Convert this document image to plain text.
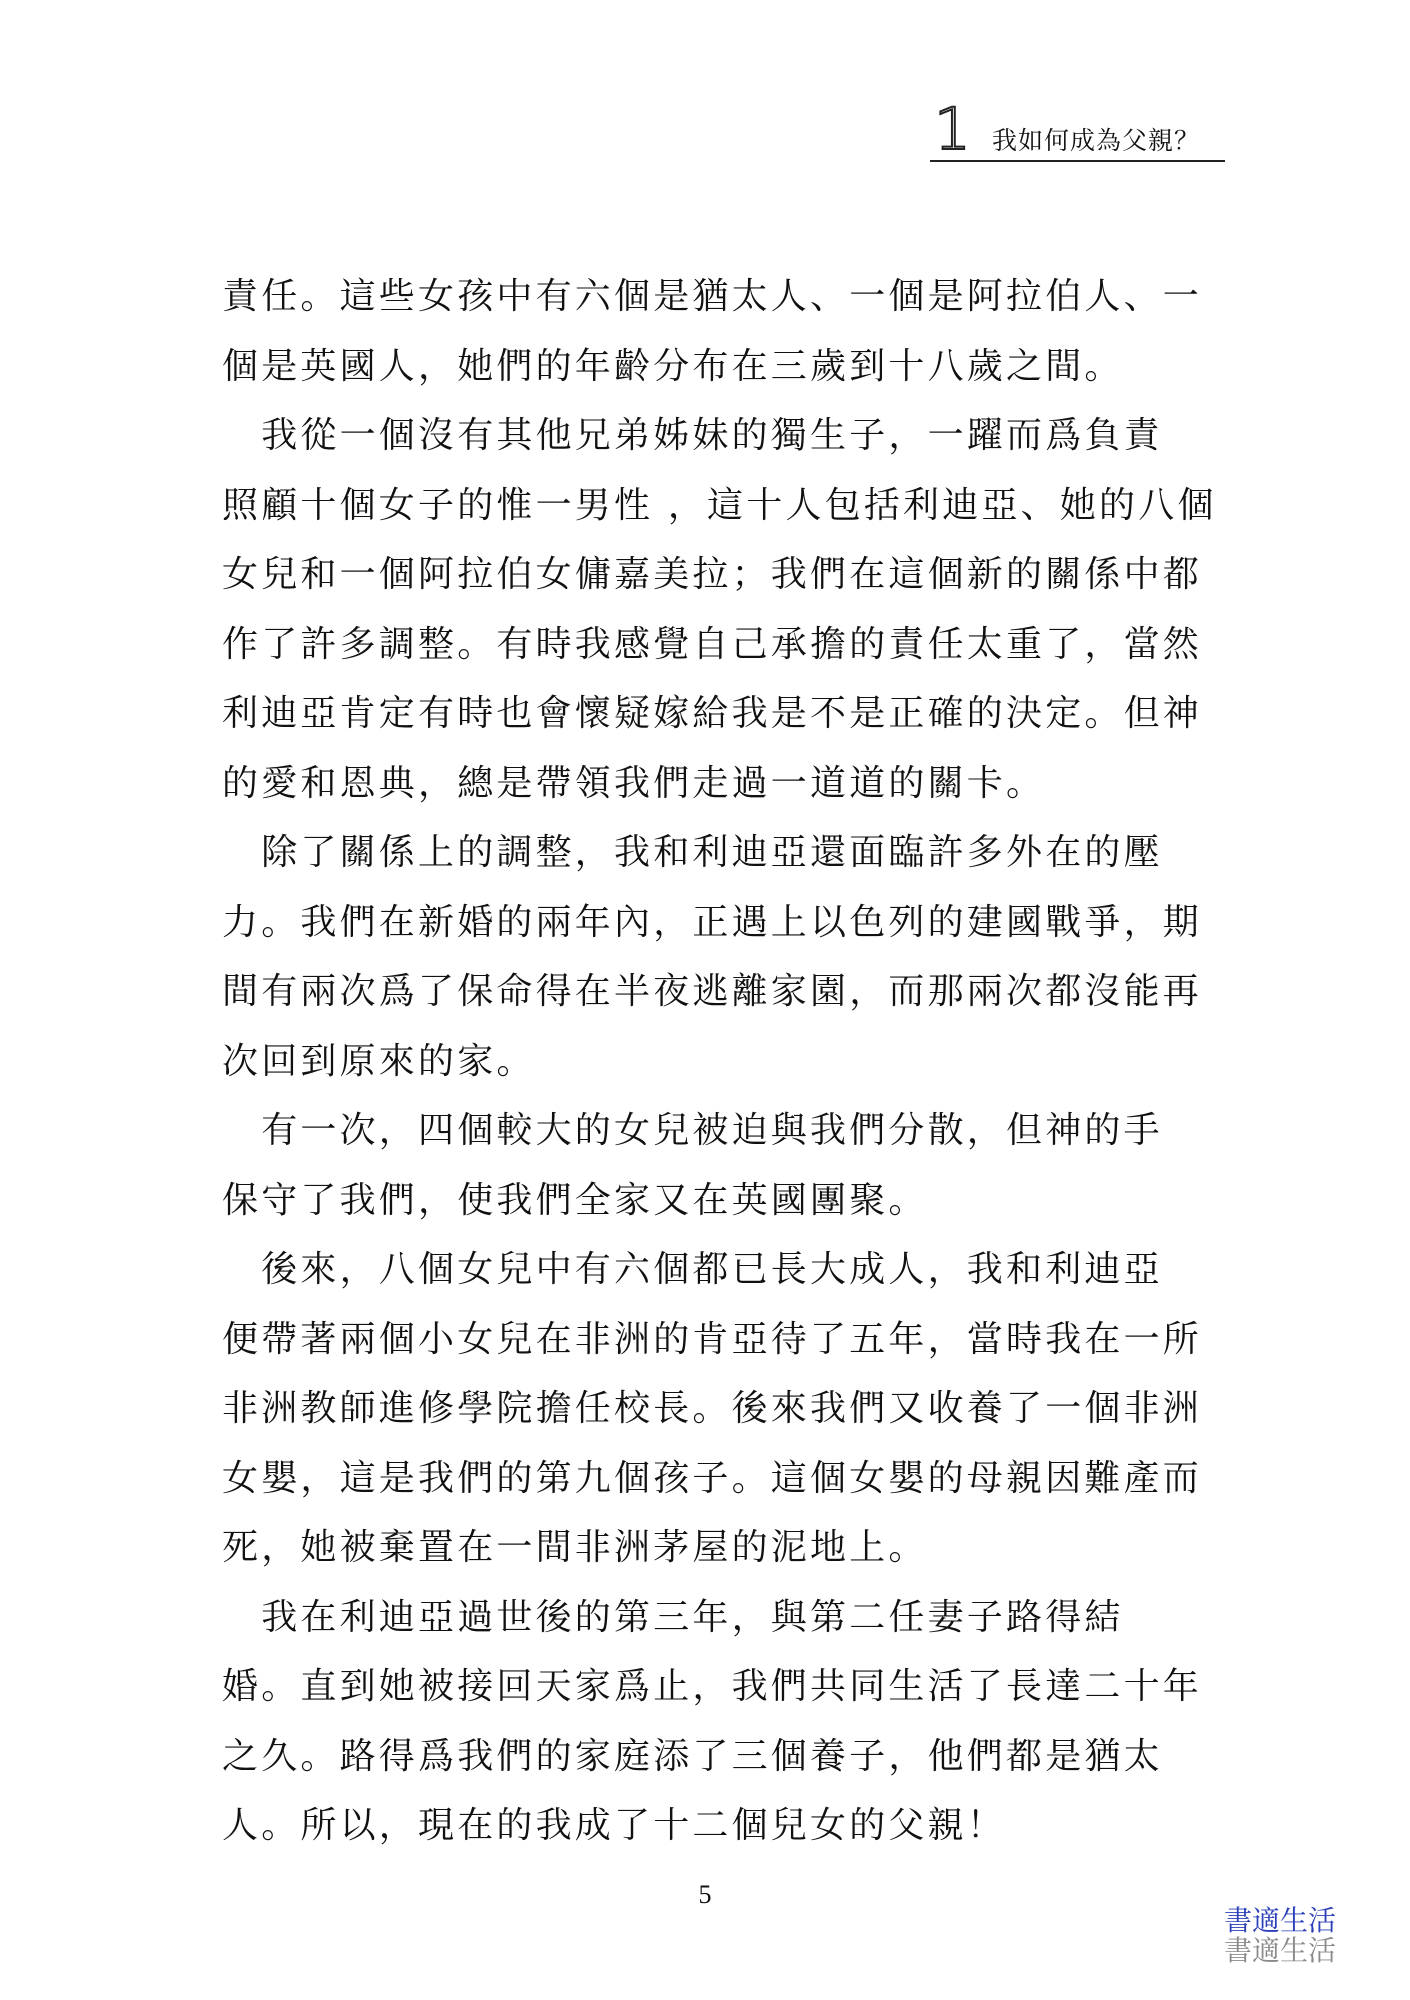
1 我如何成為父親？
責任。這些女孩中有六個是猶太人、一個是阿拉伯人、一
個是英國人，她們的年齡分布在三歲到十八歲之間。
　我從一個沒有其他兄弟姊妹的獨生子，一躍而爲負責
照顧十個女子的惟一男性 ，這十人包括利迪亞、她的八個
女兒和一個阿拉伯女傭嘉美拉；我們在這個新的關係中都
作了許多調整。有時我感覺自己承擔的責任太重了，當然
利迪亞肯定有時也會懷疑嫁給我是不是正確的決定。但神
的愛和恩典，總是帶領我們走過一道道的關卡。
　除了關係上的調整，我和利迪亞還面臨許多外在的壓
力。我們在新婚的兩年內，正遇上以色列的建國戰爭，期
間有兩次爲了保命得在半夜逃離家園，而那兩次都沒能再
次回到原來的家。
　有一次，四個較大的女兒被迫與我們分散，但神的手
保守了我們，使我們全家又在英國團聚。
　後來，八個女兒中有六個都已長大成人，我和利迪亞
便帶著兩個小女兒在非洲的肯亞待了五年，當時我在一所
非洲教師進修學院擔任校長。後來我們又收養了一個非洲
女嬰，這是我們的第九個孩子。這個女嬰的母親因難產而
死，她被棄置在一間非洲茅屋的泥地上。
　我在利迪亞過世後的第三年，與第二任妻子路得結
婚。直到她被接回天家爲止，我們共同生活了長達二十年
之久。路得爲我們的家庭添了三個養子，他們都是猶太
人。所以，現在的我成了十二個兒女的父親！
5
書適生活
書適生活
